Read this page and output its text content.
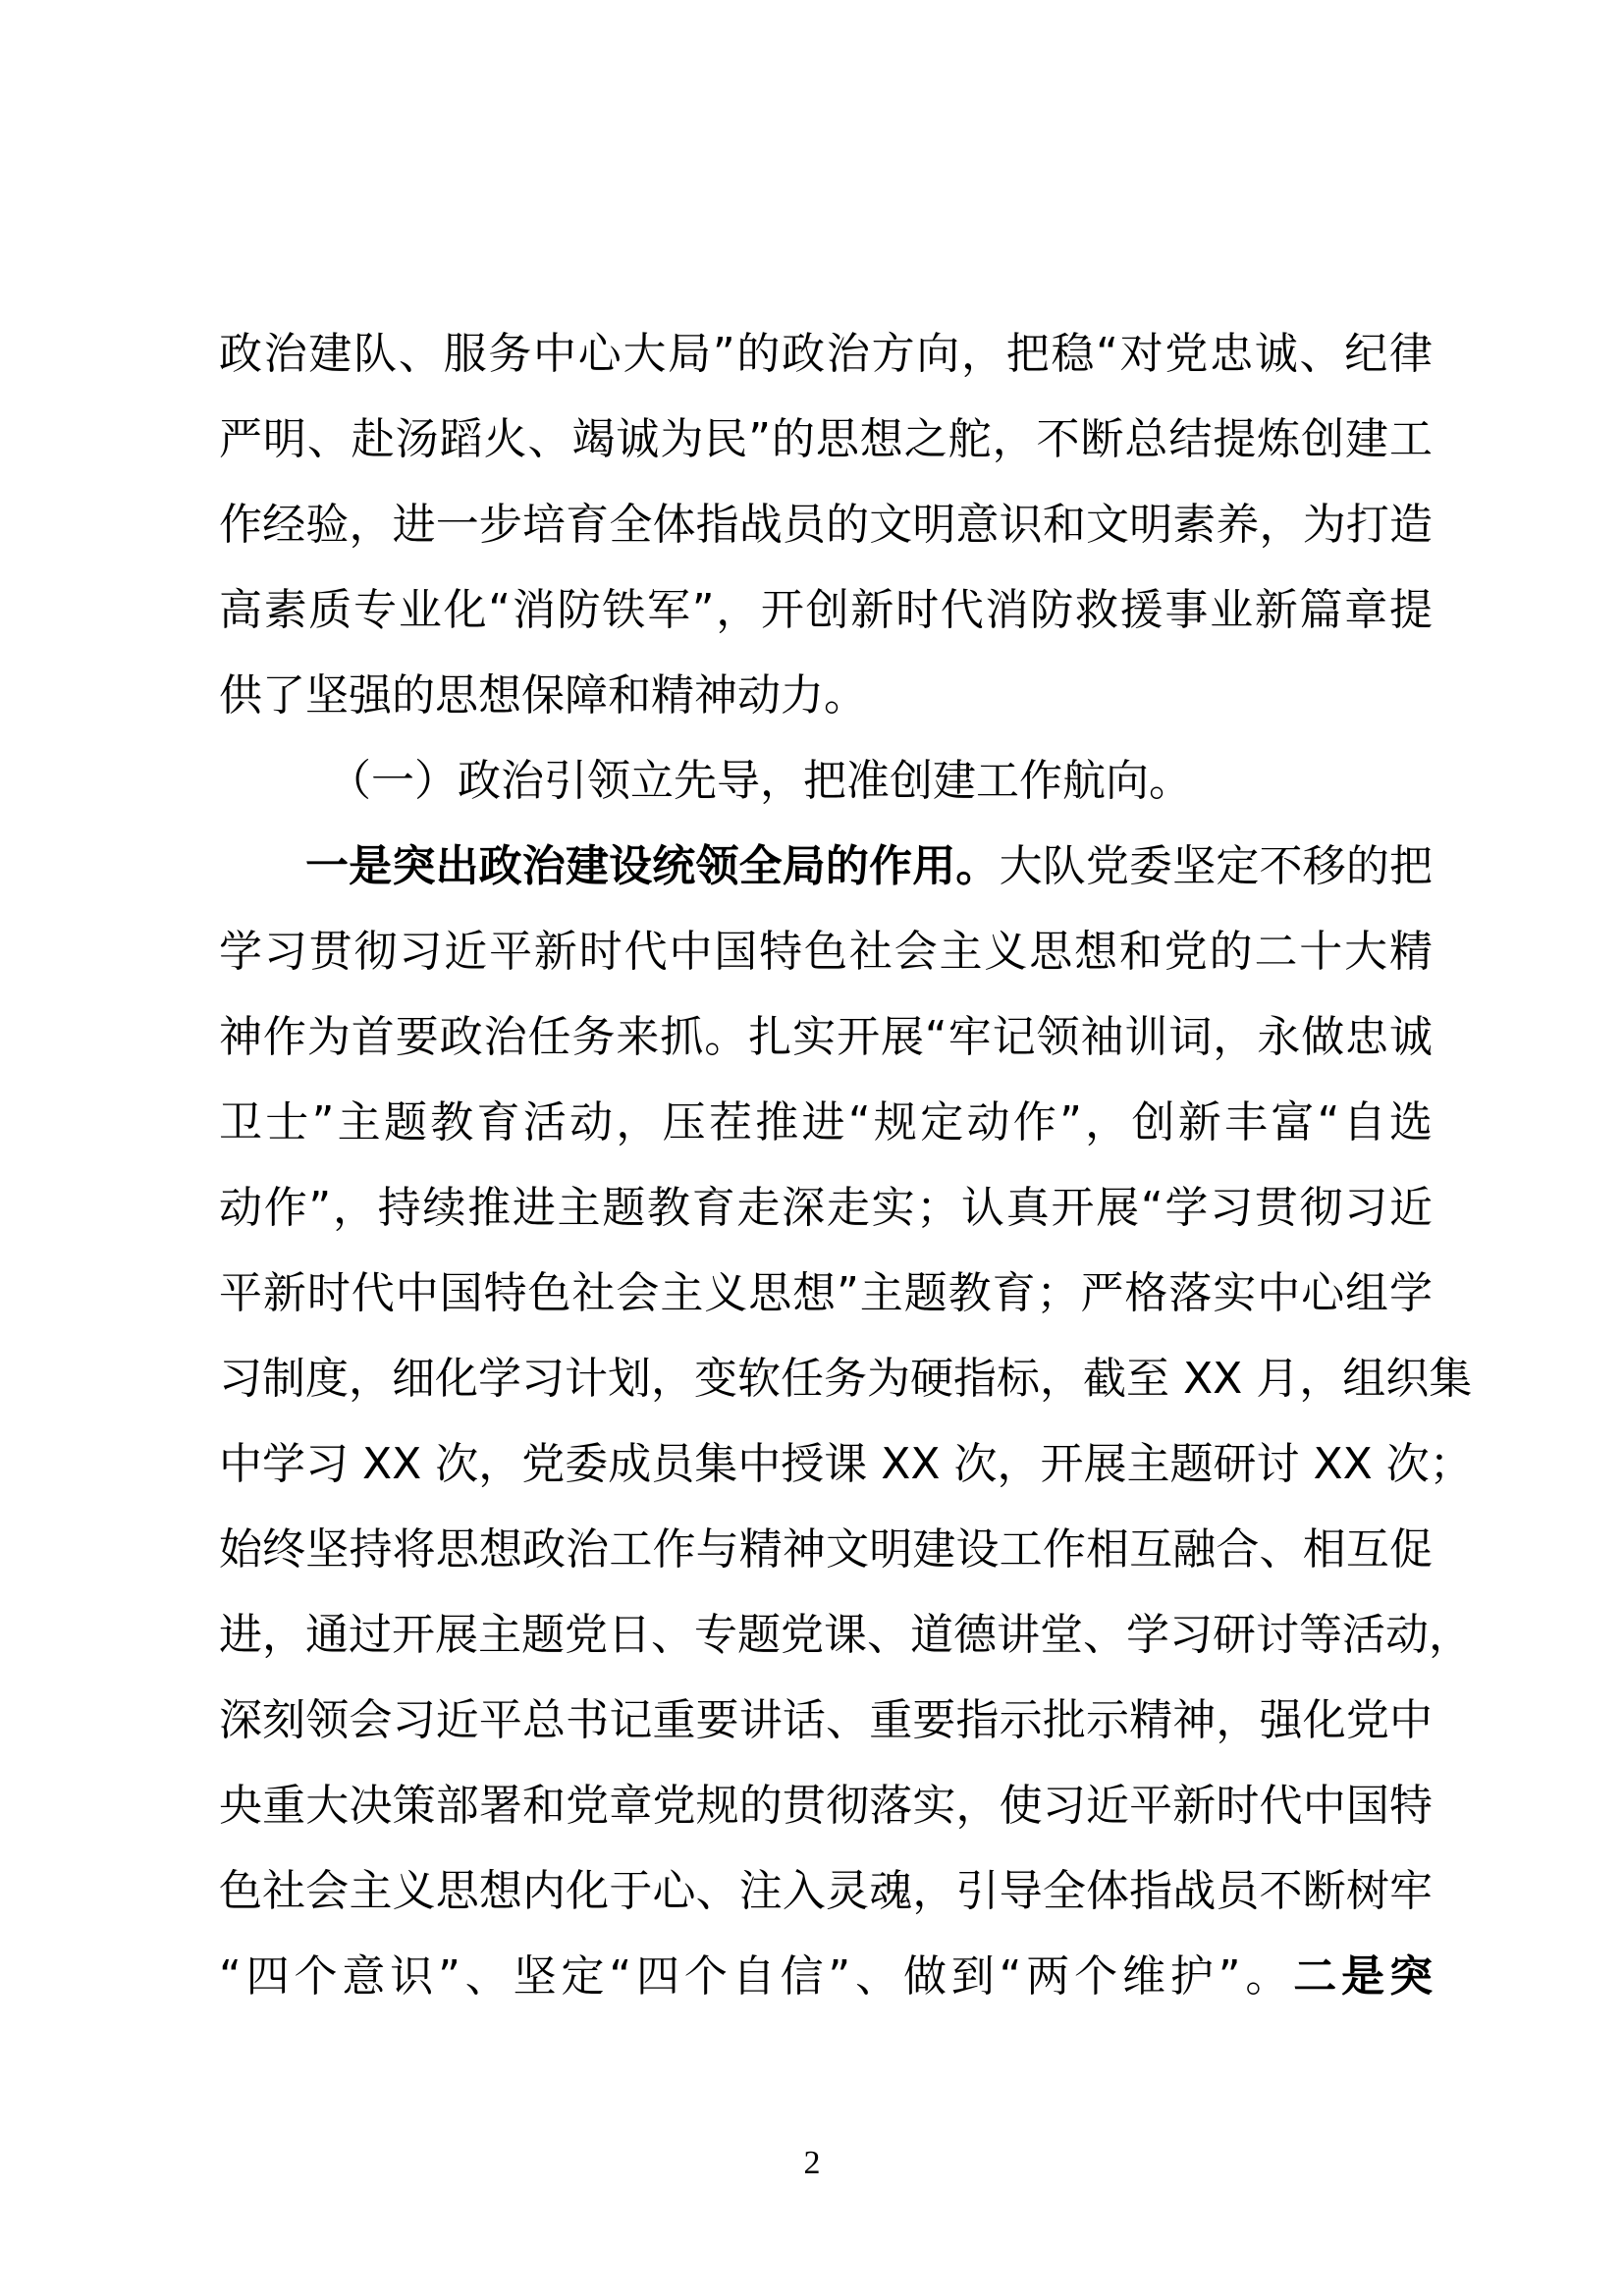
政治建队、服务中心大局”的政治方向，把稳“对党忠诚、纪律
严明、赴汤蹈火、竭诚为民”的思想之舵，不断总结提炼创建工
作经验，进一步培育全体指战员的文明意识和文明素养，为打造
高素质专业化“消防铁军”，开创新时代消防救援事业新篇章提
供了坚强的思想保障和精神动力。
（一）政治引领立先导，把准创建工作航向。
一是突出政治建设统领全局的作用。大队党委坚定不移的把
学习贯彻习近平新时代中国特色社会主义思想和党的二十大精
神作为首要政治任务来抓。扎实开展“牢记领袖训词，永做忠诚
卫士”主题教育活动，压茬推进“规定动作”，创新丰富“自选
动作”，持续推进主题教育走深走实；认真开展“学习贯彻习近
平新时代中国特色社会主义思想”主题教育；严格落实中心组学
习制度，细化学习计划，变软任务为硬指标，截至 XX 月，组织集
中学习 XX 次，党委成员集中授课 XX 次，开展主题研讨 XX 次；
始终坚持将思想政治工作与精神文明建设工作相互融合、相互促
进，通过开展主题党日、专题党课、道德讲堂、学习研讨等活动，
深刻领会习近平总书记重要讲话、重要指示批示精神，强化党中
央重大决策部署和党章党规的贯彻落实，使习近平新时代中国特
色社会主义思想内化于心、注入灵魂，引导全体指战员不断树牢
“四个意识”、坚定“四个自信”、做到“两个维护”。二是突
2
